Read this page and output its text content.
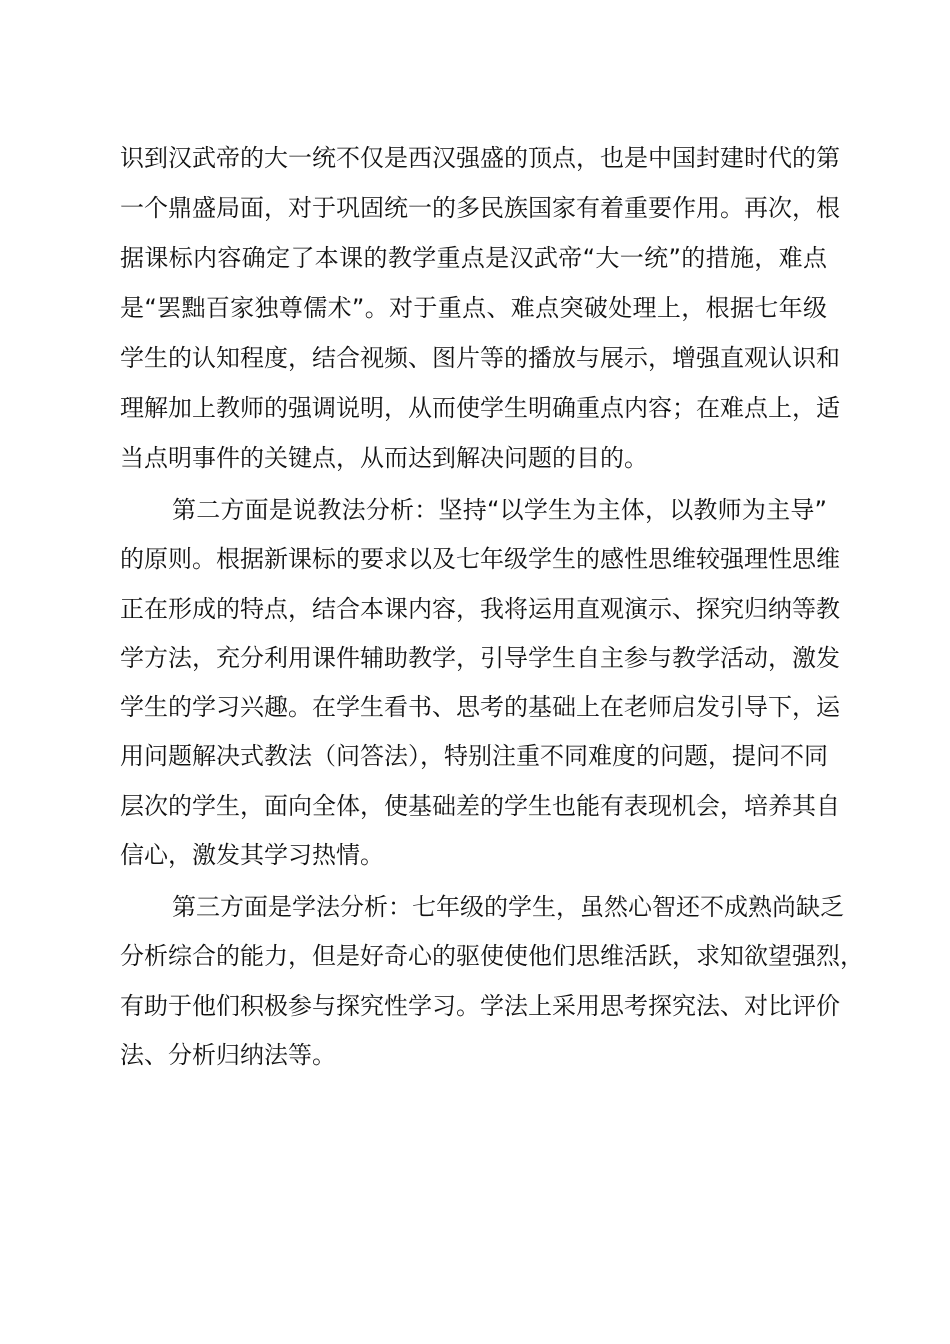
识到汉武帝的大一统不仅是西汉强盛的顶点，也是中国封建时代的第
一个鼎盛局面，对于巩固统一的多民族国家有着重要作用。再次，根
据课标内容确定了本课的教学重点是汉武帝“大一统”的措施，难点
是“罢黜百家独尊儒术”。对于重点、难点突破处理上，根据七年级
学生的认知程度，结合视频、图片等的播放与展示，增强直观认识和
理解加上教师的强调说明，从而使学生明确重点内容；在难点上，适
当点明事件的关键点，从而达到解决问题的目的。
第二方面是说教法分析：坚持“以学生为主体，以教师为主导”
的原则。根据新课标的要求以及七年级学生的感性思维较强理性思维
正在形成的特点，结合本课内容，我将运用直观演示、探究归纳等教
学方法，充分利用课件辅助教学，引导学生自主参与教学活动，激发
学生的学习兴趣。在学生看书、思考的基础上在老师启发引导下，运
用问题解决式教法（问答法），特别注重不同难度的问题，提问不同
层次的学生，面向全体，使基础差的学生也能有表现机会，培养其自
信心，激发其学习热情。
第三方面是学法分析：七年级的学生，虽然心智还不成熟尚缺乏
分析综合的能力，但是好奇心的驱使使他们思维活跃，求知欲望强烈，
有助于他们积极参与探究性学习。学法上采用思考探究法、对比评价
法、分析归纳法等。
